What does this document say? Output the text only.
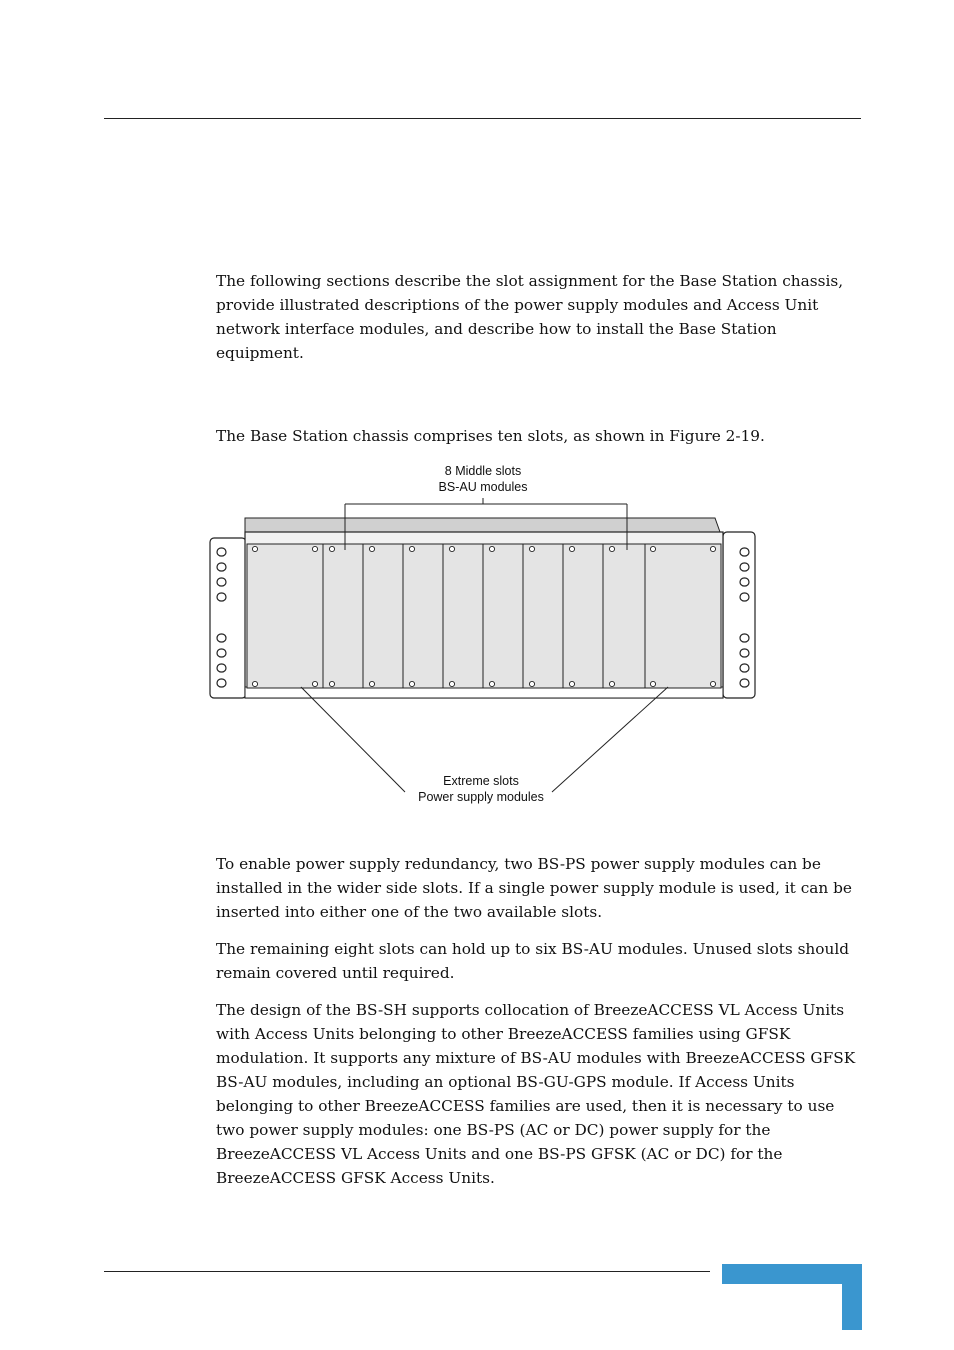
The following sections describe the slot assignment for the Base Station chassis, provide illustrated descriptions of the power supply modules and Access Unit network interface modules, and describe how to install the Base Station equipment.

The Base Station chassis comprises ten slots, as shown in Figure 2-19.

8 Middle slots
BS-AU modules
Extreme slots
Power supply modules

To enable power supply redundancy, two BS-PS power supply modules can be installed in the wider side slots. If a single power supply module is used, it can be inserted into either one of the two available slots.

The remaining eight slots can hold up to six BS-AU modules. Unused slots should remain covered until required.

The design of the BS-SH supports collocation of BreezeACCESS VL Access Units with Access Units belonging to other BreezeACCESS families using GFSK modulation. It supports any mixture of BS-AU modules with BreezeACCESS GFSK BS-AU modules, including an optional BS-GU-GPS module. If Access Units belonging to other BreezeACCESS families are used, then it is necessary to use two power supply modules: one BS-PS (AC or DC) power supply for the BreezeACCESS VL Access Units and one BS-PS GFSK (AC or DC) for the BreezeACCESS GFSK Access Units.
